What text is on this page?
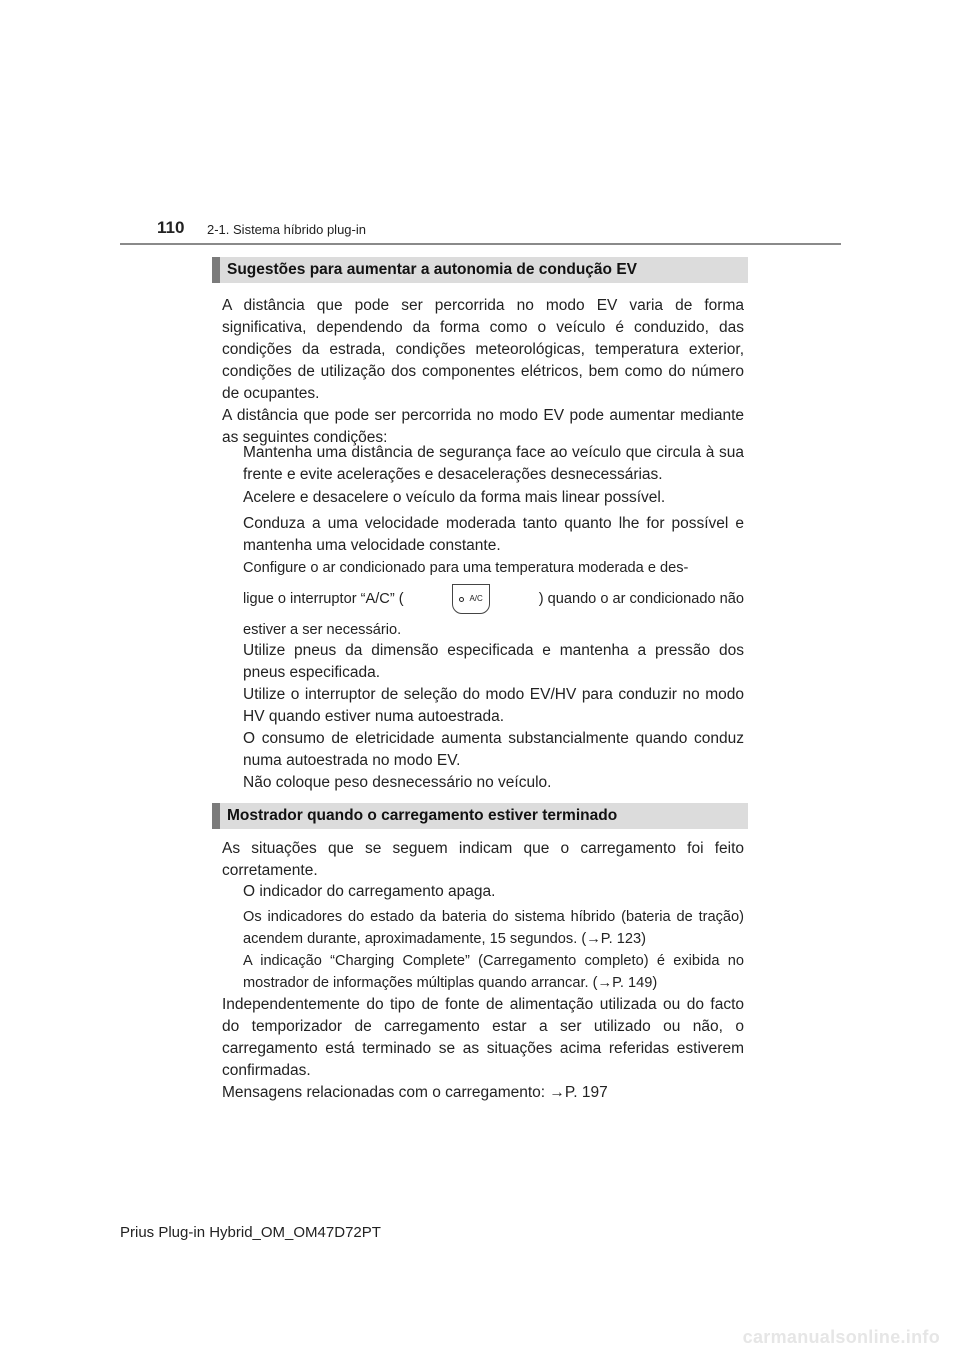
110 2-1. Sistema híbrido plug-in
Sugestões para aumentar a autonomia de condução EV

A distância que pode ser percorrida no modo EV varia de forma significativa, dependendo da forma como o veículo é conduzido, das condições da estrada, condições meteorológicas, temperatura exterior, condições de utilização dos componentes elétricos, bem como do número de ocupantes.

A distância que pode ser percorrida no modo EV pode aumentar mediante as seguintes condições:

Mantenha uma distância de segurança face ao veículo que circula à sua frente e evite acelerações e desacelerações desnecessárias.

Acelere e desacelere o veículo da forma mais linear possível.

Conduza a uma velocidade moderada tanto quanto lhe for possível e mantenha uma velocidade constante.

Configure o ar condicionado para uma temperatura moderada e des-
ligue o interruptor “A/C” (	A/C	) quando o ar condicionado não
estiver a ser necessário.

Utilize pneus da dimensão especificada e mantenha a pressão dos pneus especificada.

Utilize o interruptor de seleção do modo EV/HV para conduzir no modo HV quando estiver numa autoestrada.

O consumo de eletricidade aumenta substancialmente quando conduz numa autoestrada no modo EV.

Não coloque peso desnecessário no veículo.

Mostrador quando o carregamento estiver terminado

As situações que se seguem indicam que o carregamento foi feito corretamente.

O indicador do carregamento apaga.

Os indicadores do estado da bateria do sistema híbrido (bateria de tração) acendem durante, aproximadamente, 15 segundos. (→P. 123)

A indicação “Charging Complete” (Carregamento completo) é exibida no mostrador de informações múltiplas quando arrancar. (→P. 149)

Independentemente do tipo de fonte de alimentação utilizada ou do facto do temporizador de carregamento estar a ser utilizado ou não, o carregamento está terminado se as situações acima referidas estiverem confirmadas.

Mensagens relacionadas com o carregamento: →P. 197

Prius Plug-in Hybrid_OM_OM47D72PT
carmanualsonline.info
